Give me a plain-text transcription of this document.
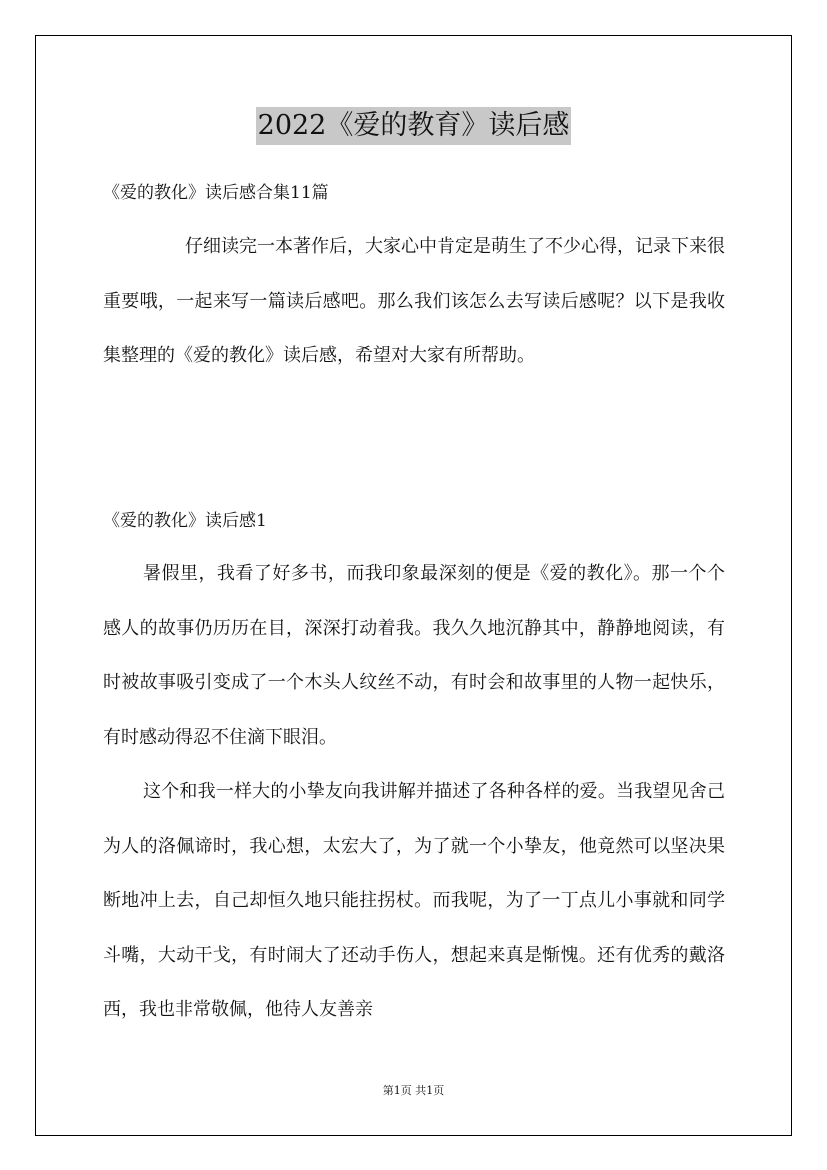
2022《爱的教育》读后感

《爱的教化》读后感合集11篇

仔细读完一本著作后，大家心中肯定是萌生了不少心得，记录下来很重要哦，一起来写一篇读后感吧。那么我们该怎么去写读后感呢？以下是我收集整理的《爱的教化》读后感，希望对大家有所帮助。

《爱的教化》读后感1

暑假里，我看了好多书，而我印象最深刻的便是《爱的教化》。那一个个感人的故事仍历历在目，深深打动着我。我久久地沉静其中，静静地阅读，有时被故事吸引变成了一个木头人纹丝不动，有时会和故事里的人物一起快乐，有时感动得忍不住滴下眼泪。

这个和我一样大的小挚友向我讲解并描述了各种各样的爱。当我望见舍己为人的洛佩谛时，我心想，太宏大了，为了就一个小挚友，他竟然可以坚决果断地冲上去，自己却恒久地只能拄拐杖。而我呢，为了一丁点儿小事就和同学斗嘴，大动干戈，有时闹大了还动手伤人，想起来真是惭愧。还有优秀的戴洛西，我也非常敬佩，他待人友善亲

第1页 共1页
